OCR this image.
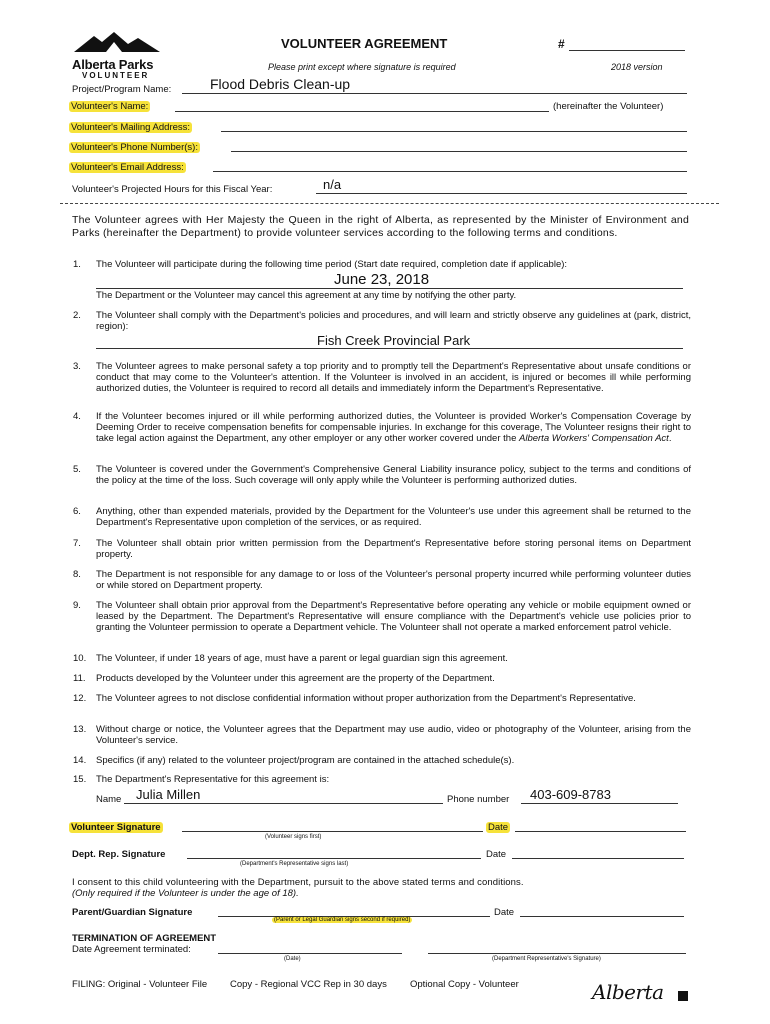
Alberta Parks
VOLUNTEER
VOLUNTEER AGREEMENT	#
Please print except where signature is required	2018 version
Project/Program Name:	Flood Debris Clean-up
Volunteer's Name:	(hereinafter the Volunteer)
Volunteer's Mailing Address:
Volunteer's Phone Number(s):
Volunteer's Email Address:
Volunteer's Projected Hours for this Fiscal Year:	n/a
The Volunteer agrees with Her Majesty the Queen in the right of Alberta, as represented by the Minister of Environment and Parks (hereinafter the Department) to provide volunteer services according to the following terms and conditions.
1. The Volunteer will participate during the following time period (Start date required, completion date if applicable):
June 23, 2018
The Department or the Volunteer may cancel this agreement at any time by notifying the other party.
2. The Volunteer shall comply with the Department's policies and procedures, and will learn and strictly observe any guidelines at (park, district, region):
Fish Creek Provincial Park
3. The Volunteer agrees to make personal safety a top priority and to promptly tell the Department's Representative about unsafe conditions or conduct that may come to the Volunteer's attention. If the Volunteer is involved in an accident, is injured or becomes ill while performing authorized duties, the Volunteer is required to record all details and immediately inform the Department's Representative.
4. If the Volunteer becomes injured or ill while performing authorized duties, the Volunteer is provided Worker's Compensation Coverage by Deeming Order to receive compensation benefits for compensable injuries. In exchange for this coverage, The Volunteer resigns their right to take legal action against the Department, any other employer or any other worker covered under the Alberta Workers' Compensation Act.
5. The Volunteer is covered under the Government's Comprehensive General Liability insurance policy, subject to the terms and conditions of the policy at the time of the loss. Such coverage will only apply while the Volunteer is performing authorized duties.
6. Anything, other than expended materials, provided by the Department for the Volunteer's use under this agreement shall be returned to the Department's Representative upon completion of the services, or as required.
7. The Volunteer shall obtain prior written permission from the Department's Representative before storing personal items on Department property.
8. The Department is not responsible for any damage to or loss of the Volunteer's personal property incurred while performing volunteer duties or while stored on Department property.
9. The Volunteer shall obtain prior approval from the Department's Representative before operating any vehicle or mobile equipment owned or leased by the Department. The Department's Representative will ensure compliance with the Department's vehicle use policies prior to granting the Volunteer permission to operate a Department vehicle. The Volunteer shall not operate a marked enforcement patrol vehicle.
10. The Volunteer, if under 18 years of age, must have a parent or legal guardian sign this agreement.
11. Products developed by the Volunteer under this agreement are the property of the Department.
12. The Volunteer agrees to not disclose confidential information without proper authorization from the Department's Representative.
13. Without charge or notice, the Volunteer agrees that the Department may use audio, video or photography of the Volunteer, arising from the Volunteer's service.
14. Specifics (if any) related to the volunteer project/program are contained in the attached schedule(s).
15. The Department's Representative for this agreement is:
Name Julia Millen	Phone number 403-609-8783
Volunteer Signature
(Volunteer signs first)
Date
Dept. Rep. Signature
(Department's Representative signs last)
Date
I consent to this child volunteering with the Department, pursuit to the above stated terms and conditions.
(Only required if the Volunteer is under the age of 18).
Parent/Guardian Signature
(Parent or Legal Guardian signs second if required)
Date
TERMINATION OF AGREEMENT
Date Agreement terminated:
(Date)	(Department Representative's Signature)
FILING: Original - Volunteer File Copy - Regional VCC Rep in 30 days Optional Copy - Volunteer	Alberta
